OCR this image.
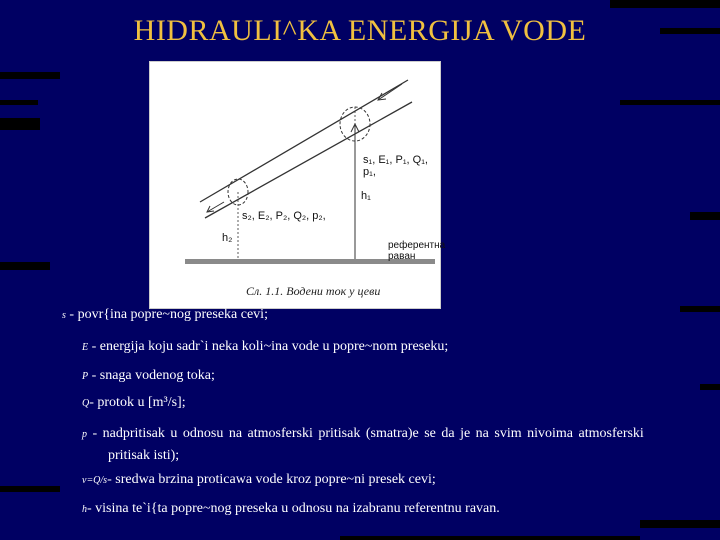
HIDRAULI^KA ENERGIJA VODE
s₁, E₁, P₁, Q₁, p₁,
s₂, E₂, P₂, Q₂, p₂,
h₁
h₂
референтна раван
Сл. 1.1. Водени ток у цеви
s - povr{ina popre~nog preseka cevi;
E - energija koju sadr`i neka koli~ina vode u popre~nom preseku;
P - snaga vodenog toka;
Q- protok u [m³/s];
p - nadpritisak u odnosu na atmosferski pritisak (smatra)e se da je na svim nivoima atmosferski
pritisak isti);
v=Q/s- sredwa brzina proticawa vode kroz popre~ni presek cevi;
h- visina te`i{ta popre~nog preseka u odnosu na izabranu referentnu ravan.
